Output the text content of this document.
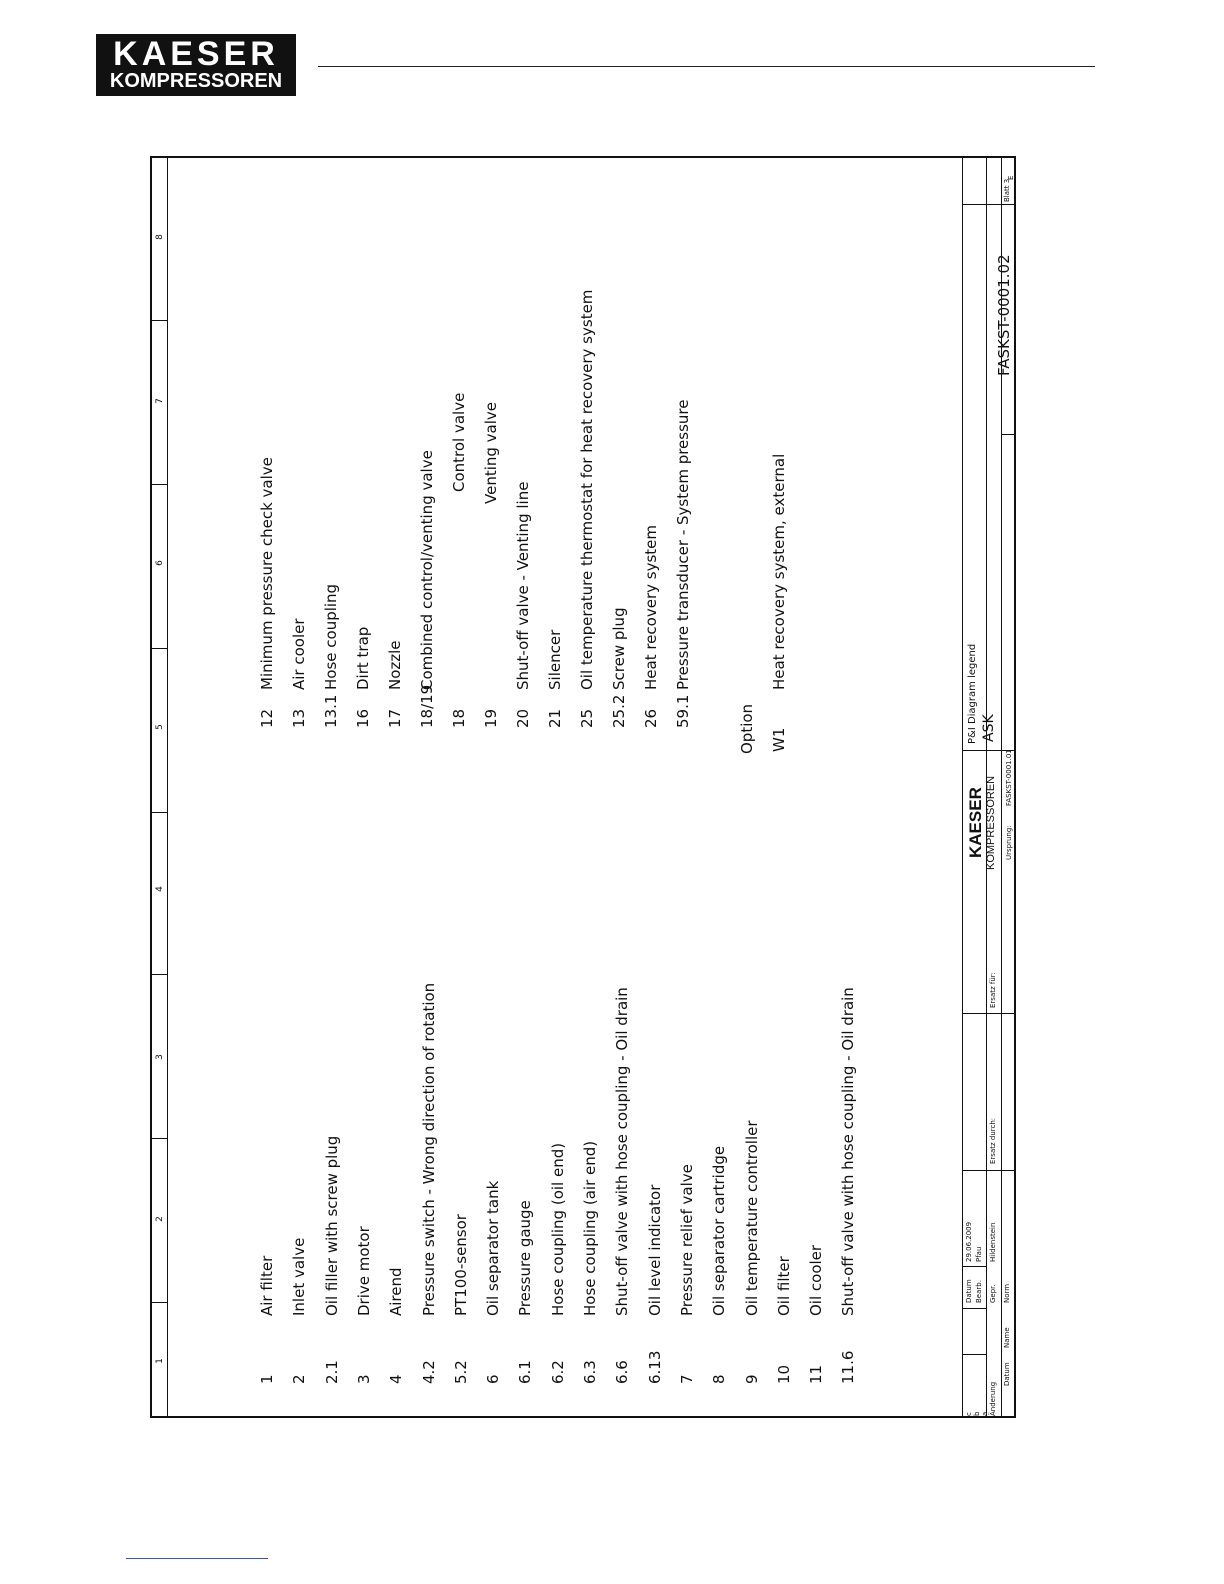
KAESER
KOMPRESSOREN
1
2
3
4
5
6
7
8
1
Air filter
2
Inlet valve
2.1
Oil filler with screw plug
3
Drive motor
4
Airend
4.2
Pressure switch - Wrong direction of rotation
5.2
PT100-sensor
6
Oil separator tank
6.1
Pressure gauge
6.2
Hose coupling (oil end)
6.3
Hose coupling (air end)
6.6
Shut-off valve with hose coupling - Oil drain
6.13
Oil level indicator
7
Pressure relief valve
8
Oil separator cartridge
9
Oil temperature controller
10
Oil filter
11
Oil cooler
11.6
Shut-off valve with hose coupling - Oil drain
12
Minimum pressure check valve
13
Air cooler
13.1
Hose coupling
16
Dirt trap
17
Nozzle
18/19
Combined control/venting valve
18
Control valve
19
Venting valve
20
Shut-off valve - Venting line
21
Silencer
25
Oil temperature thermostat for heat recovery system
25.2
Screw plug
26
Heat recovery system
59.1
Pressure transducer - System pressure
Option W1
Heat recovery system, external
c b a Änderung
Datum
Name
Datum
29.06.2009
Bearb.
Pfau
Gepr.
Hildenstein
Norm
Ersatz durch:
Ersatz für:
KAESER KOMPRESSOREN Ursprung:
FASKST-0001.01
P&I Diagram legend ASK
FASKST-0001.02
Blatt 3
E
